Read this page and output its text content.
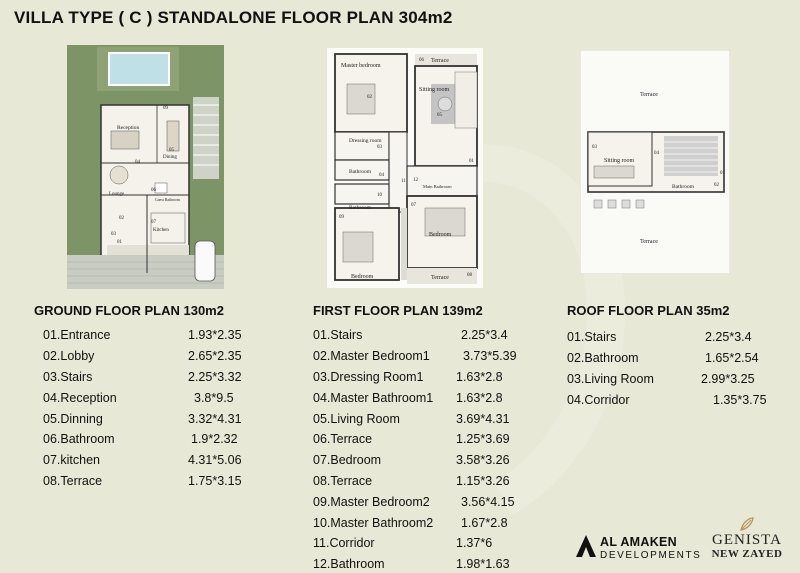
VILLA TYPE ( C ) STANDALONE FLOOR PLAN 304m2
Reception
Dining
Lounge
Guest Bathroom
Kitchen
09
05
04
02
03
06
07
01
Master bedroom
Terrace
Sitting room
Dressing room
Bathroom
Bathroom
Main Bathroom
Bedroom
Bedroom	Terrace
06
02
05
03
04
10
11 12
07
09
08
01
Terrace
Sitting room
Bathroom
Terrace
04
02
03
01
GROUND FLOOR PLAN 130m2
01.Entrance	1.93*2.35
02.Lobby	2.65*2.35
03.Stairs	2.25*3.32
04.Reception	3.8*9.5
05.Dinning	3.32*4.31
06.Bathroom	1.9*2.32
07.kitchen	4.31*5.06
08.Terrace	1.75*3.15
FIRST FLOOR PLAN 139m2
01.Stairs	2.25*3.4
02.Master Bedroom1	3.73*5.39
03.Dressing Room1	1.63*2.8
04.Master Bathroom1 1.63*2.8
05.Living Room	3.69*4.31
06.Terrace	1.25*3.69
07.Bedroom	3.58*3.26
08.Terrace	1.15*3.26
09.Master Bedroom2	3.56*4.15
10.Master Bathroom2 1.67*2.8
11.Corridor	1.37*6
12.Bathroom	1.98*1.63
ROOF FLOOR PLAN 35m2
01.Stairs	2.25*3.4
02.Bathroom	1.65*2.54
03.Living Room	2.99*3.25
04.Corridor	1.35*3.75
AL AMAKEN
DEVELOPMENTS
GENISTA
NEW ZAYED
